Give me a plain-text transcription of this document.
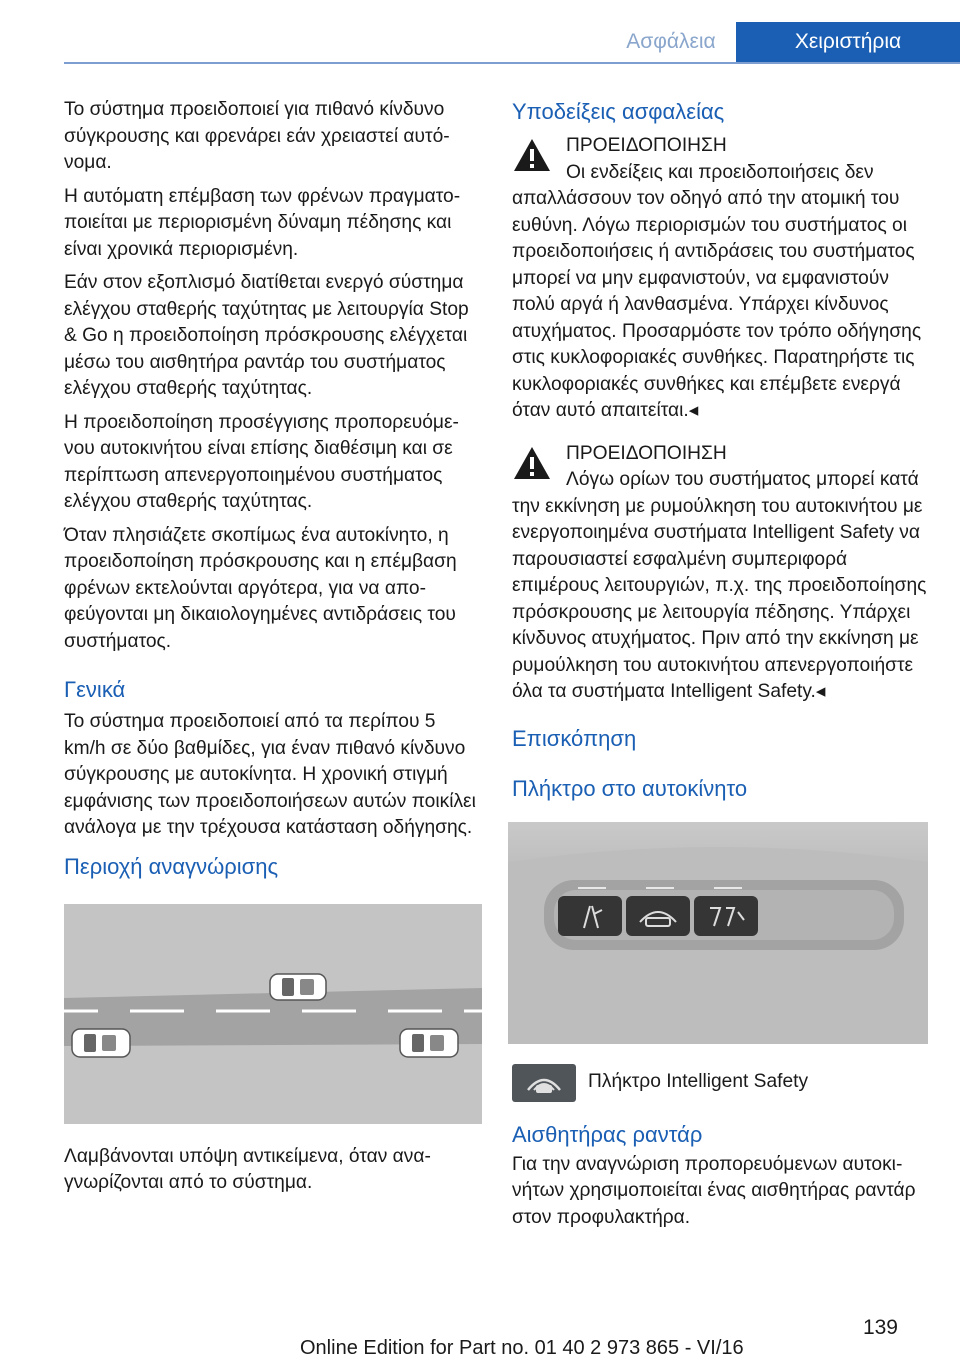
Ασφάλεια	Χειριστήρια

Το σύστημα προειδοποιεί για πιθανό κίνδυνο σύγκρουσης και φρενάρει εάν χρειαστεί αυτόνομα.

Η αυτόματη επέμβαση των φρένων πραγματοποιείται με περιορισμένη δύναμη πέδησης και είναι χρονικά περιορισμένη.

Εάν στον εξοπλισμό διατίθεται ενεργό σύστημα ελέγχου σταθερής ταχύτητας με λειτουργία Stop & Go η προειδοποίηση πρόσκρουσης ελέγχεται μέσω του αισθητήρα ραντάρ του συστήματος ελέγχου σταθερής ταχύτητας.

Η προειδοποίηση προσέγγισης προπορευόμενου αυτοκινήτου είναι επίσης διαθέσιμη και σε περίπτωση απενεργοποιημένου συστήματος ελέγχου σταθερής ταχύτητας.

Όταν πλησιάζετε σκοπίμως ένα αυτοκίνητο, η προειδοποίηση πρόσκρουσης και η επέμβαση φρένων εκτελούνται αργότερα, για να αποφεύγονται μη δικαιολογημένες αντιδράσεις του συστήματος.

Γενικά

Το σύστημα προειδοποιεί από τα περίπου 5 km/h σε δύο βαθμίδες, για έναν πιθανό κίνδυνο σύγκρουσης με αυτοκίνητα. Η χρονική στιγμή εμφάνισης των προειδοποιήσεων αυτών ποικίλει ανάλογα με την τρέχουσα κατάσταση οδήγησης.

Περιοχή αναγνώρισης

Λαμβάνονται υπόψη αντικείμενα, όταν αναγνωρίζονται από το σύστημα.

Υποδείξεις ασφαλείας
ΠΡΟΕΙΔΟΠΟΙΗΣΗ

Οι ενδείξεις και προειδοποιήσεις δεν απαλλάσσουν τον οδηγό από την ατομική του ευθύνη. Λόγω περιορισμών του συστήματος οι προειδοποιήσεις ή αντιδράσεις του συστήματος μπορεί να μην εμφανιστούν, να εμφανιστούν πολύ αργά ή λανθασμένα. Υπάρχει κίνδυνος ατυχήματος. Προσαρμόστε τον τρόπο οδήγησης στις κυκλοφοριακές συνθήκες. Παρατηρήστε τις κυκλοφοριακές συνθήκες και επέμβετε ενεργά όταν αυτό απαιτείται.◂

ΠΡΟΕΙΔΟΠΟΙΗΣΗ

Λόγω ορίων του συστήματος μπορεί κατά την εκκίνηση με ρυμούλκηση του αυτοκινήτου με ενεργοποιημένα συστήματα Intelligent Safety να παρουσιαστεί εσφαλμένη συμπεριφορά επιμέρους λειτουργιών, π.χ. της προειδοποίησης πρόσκρουσης με λειτουργία πέδησης. Υπάρχει κίνδυνος ατυχήματος. Πριν από την εκκίνηση με ρυμούλκηση του αυτοκινήτου απενεργοποιήστε όλα τα συστήματα Intelligent Safety.◂

Επισκόπηση
Πλήκτρο στο αυτοκίνητο
Πλήκτρο Intelligent Safety
Αισθητήρας ραντάρ

Για την αναγνώριση προπορευόμενων αυτοκινήτων χρησιμοποιείται ένας αισθητήρας ραντάρ στον προφυλακτήρα.

139
Online Edition for Part no. 01 40 2 973 865 - VI/16
